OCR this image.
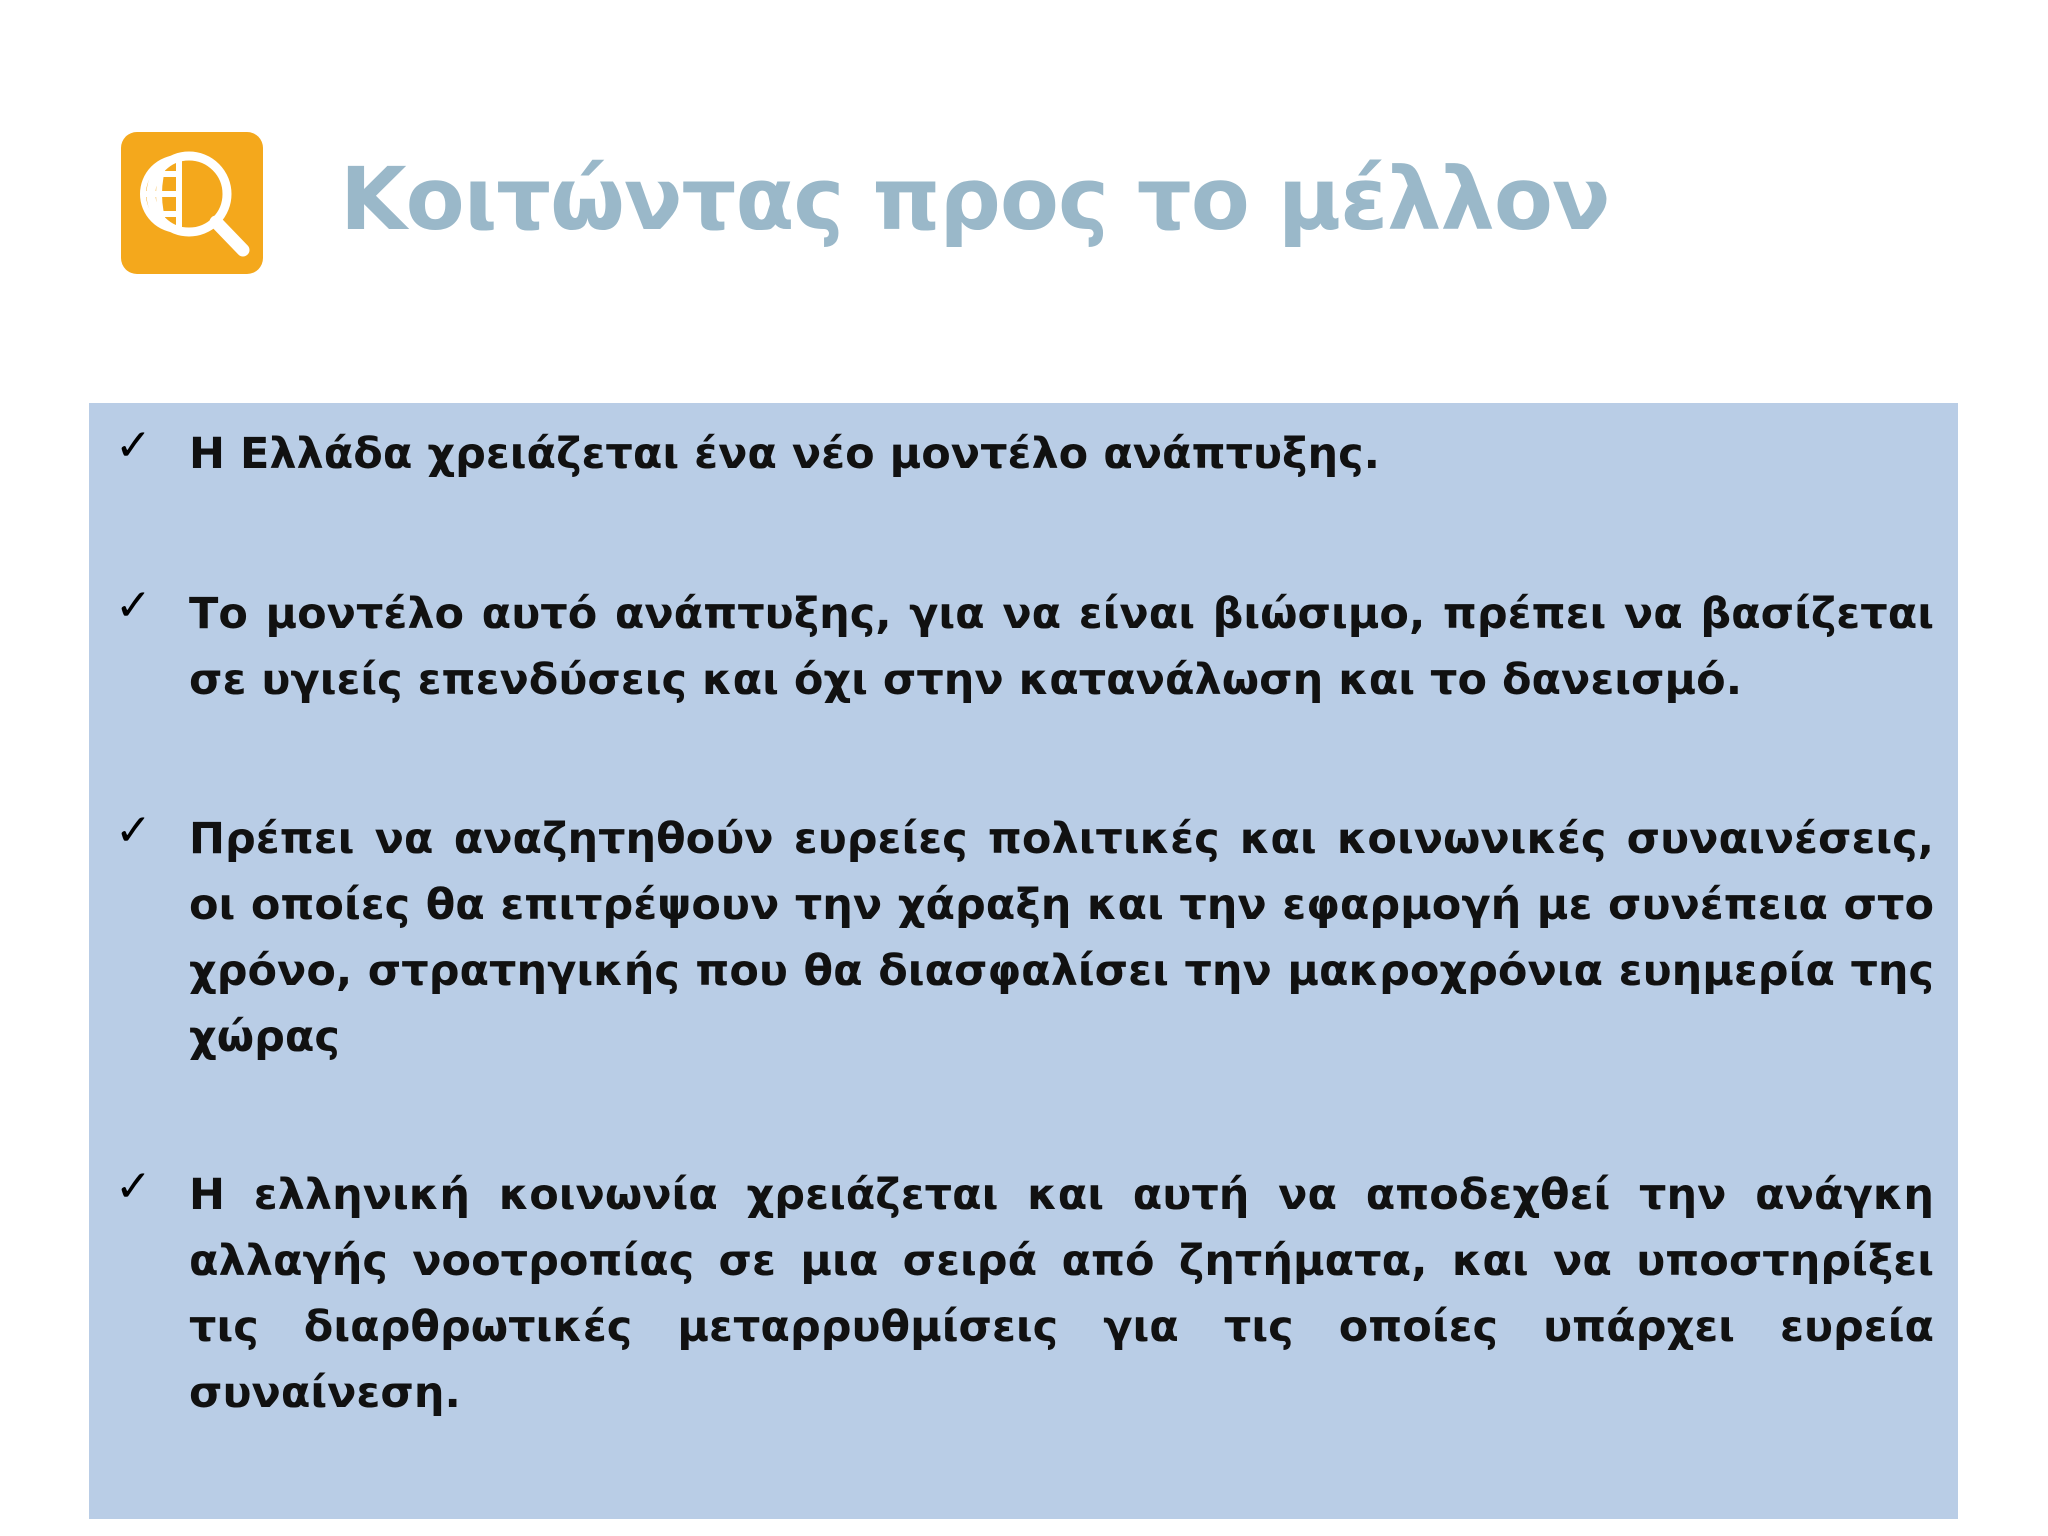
Κοιτώντας προς το μέλλον
✓ Η Ελλάδα χρειάζεται ένα νέο μοντέλο ανάπτυξης.

✓ Το μοντέλο αυτό ανάπτυξης, για να είναι βιώσιμο, πρέπει να βασίζεται σε υγιείς επενδύσεις και όχι στην κατανάλωση και το δανεισμό.

✓ Πρέπει να αναζητηθούν ευρείες πολιτικές και κοινωνικές συναινέσεις, οι οποίες θα επιτρέψουν την χάραξη και την εφαρμογή με συνέπεια στο χρόνο, στρατηγικής που θα διασφαλίσει την μακροχρόνια ευημερία της χώρας

✓ Η ελληνική κοινωνία χρειάζεται και αυτή να αποδεχθεί την ανάγκη αλλαγής νοοτροπίας σε μια σειρά από ζητήματα, και να υποστηρίξει τις διαρθρωτικές μεταρρυθμίσεις για τις οποίες υπάρχει ευρεία συναίνεση.
